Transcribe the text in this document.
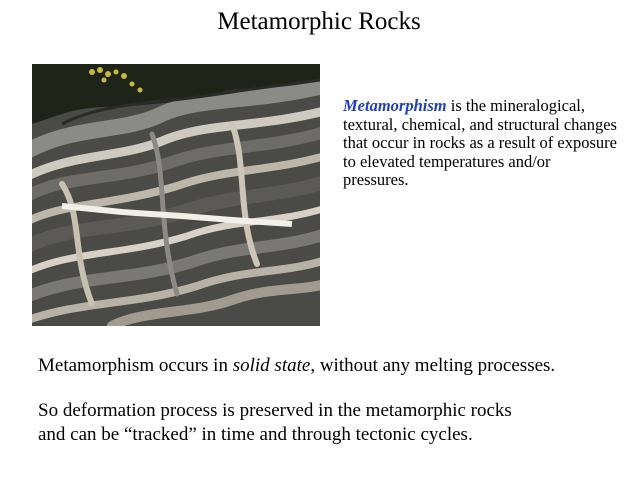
Metamorphic Rocks
Metamorphism is the mineralogical, textural, chemical, and structural changes that occur in rocks as a result of exposure to elevated temperatures and/or pressures.
Metamorphism occurs in solid state, without any melting processes.
So deformation process is preserved in the metamorphic rocks
and can be “tracked” in time and through tectonic cycles.
